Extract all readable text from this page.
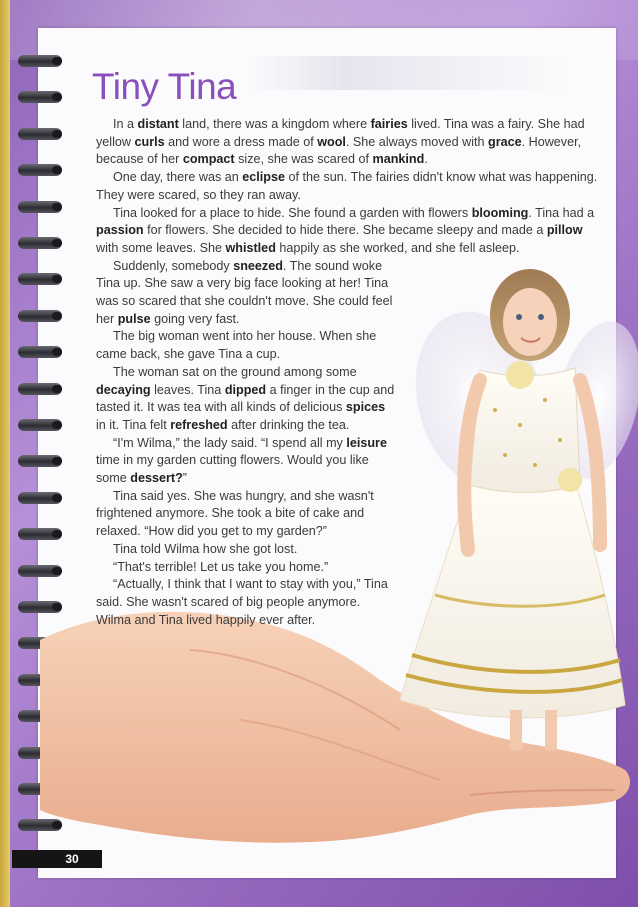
Tiny Tina

In a distant land, there was a kingdom where fairies lived. Tina was a fairy. She had yellow curls and wore a dress made of wool. She always moved with grace. However, because of her compact size, she was scared of mankind.

One day, there was an eclipse of the sun. The fairies didn't know what was happening. They were scared, so they ran away.

Tina looked for a place to hide. She found a garden with flowers blooming. Tina had a passion for flowers. She decided to hide there. She became sleepy and made a pillow with some leaves. She whistled happily as she worked, and she fell asleep.

Suddenly, somebody sneezed. The sound woke Tina up. She saw a very big face looking at her! Tina was so scared that she couldn't move. She could feel her pulse going very fast.

The big woman went into her house. When she came back, she gave Tina a cup.

The woman sat on the ground among some decaying leaves. Tina dipped a finger in the cup and tasted it. It was tea with all kinds of delicious spices in it. Tina felt refreshed after drinking the tea.

“I'm Wilma,” the lady said. “I spend all my leisure time in my garden cutting flowers. Would you like some dessert?”

Tina said yes. She was hungry, and she wasn't frightened anymore. She took a bite of cake and relaxed. “How did you get to my garden?”

Tina told Wilma how she got lost.

“That's terrible! Let us take you home.”

“Actually, I think that I want to stay with you,” Tina said. She wasn't scared of big people anymore. Wilma and Tina lived happily ever after.

30
